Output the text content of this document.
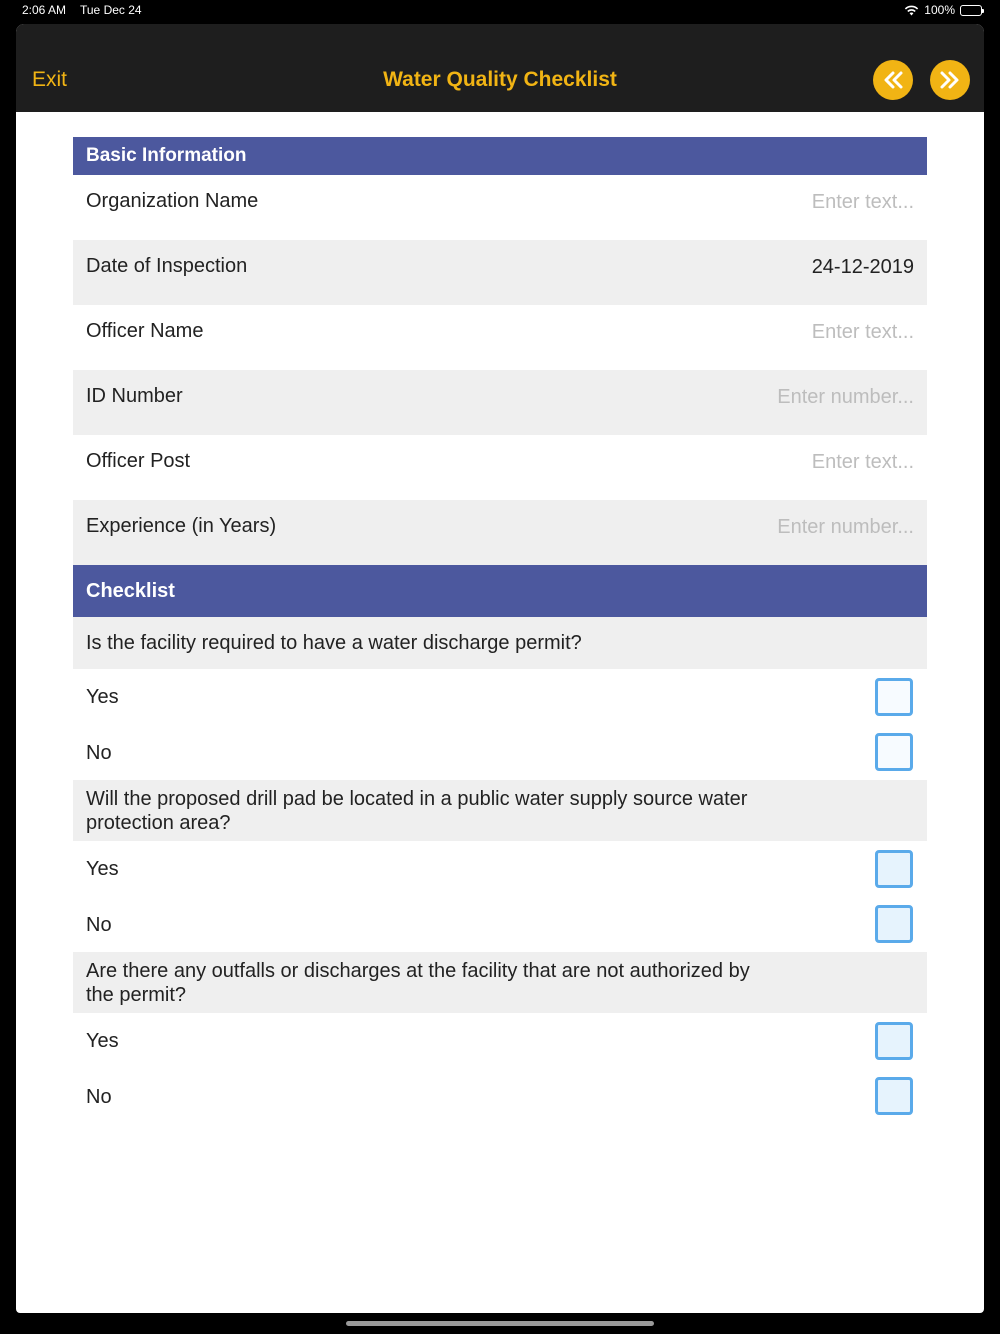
2:06 AM Tue Dec 24	100%
Exit	Water Quality Checklist
Basic Information
Organization Name
Enter text...
Date of Inspection
24-12-2019
Officer Name
Enter text...
ID Number
Enter number...
Officer Post
Enter text...
Experience (in Years)
Enter number...
Checklist
Is the facility required to have a water discharge permit?
Yes
No
Will the proposed drill pad be located in a public water supply source water protection area?
Yes
No
Are there any outfalls or discharges at the facility that are not authorized by the permit?
Yes
No
